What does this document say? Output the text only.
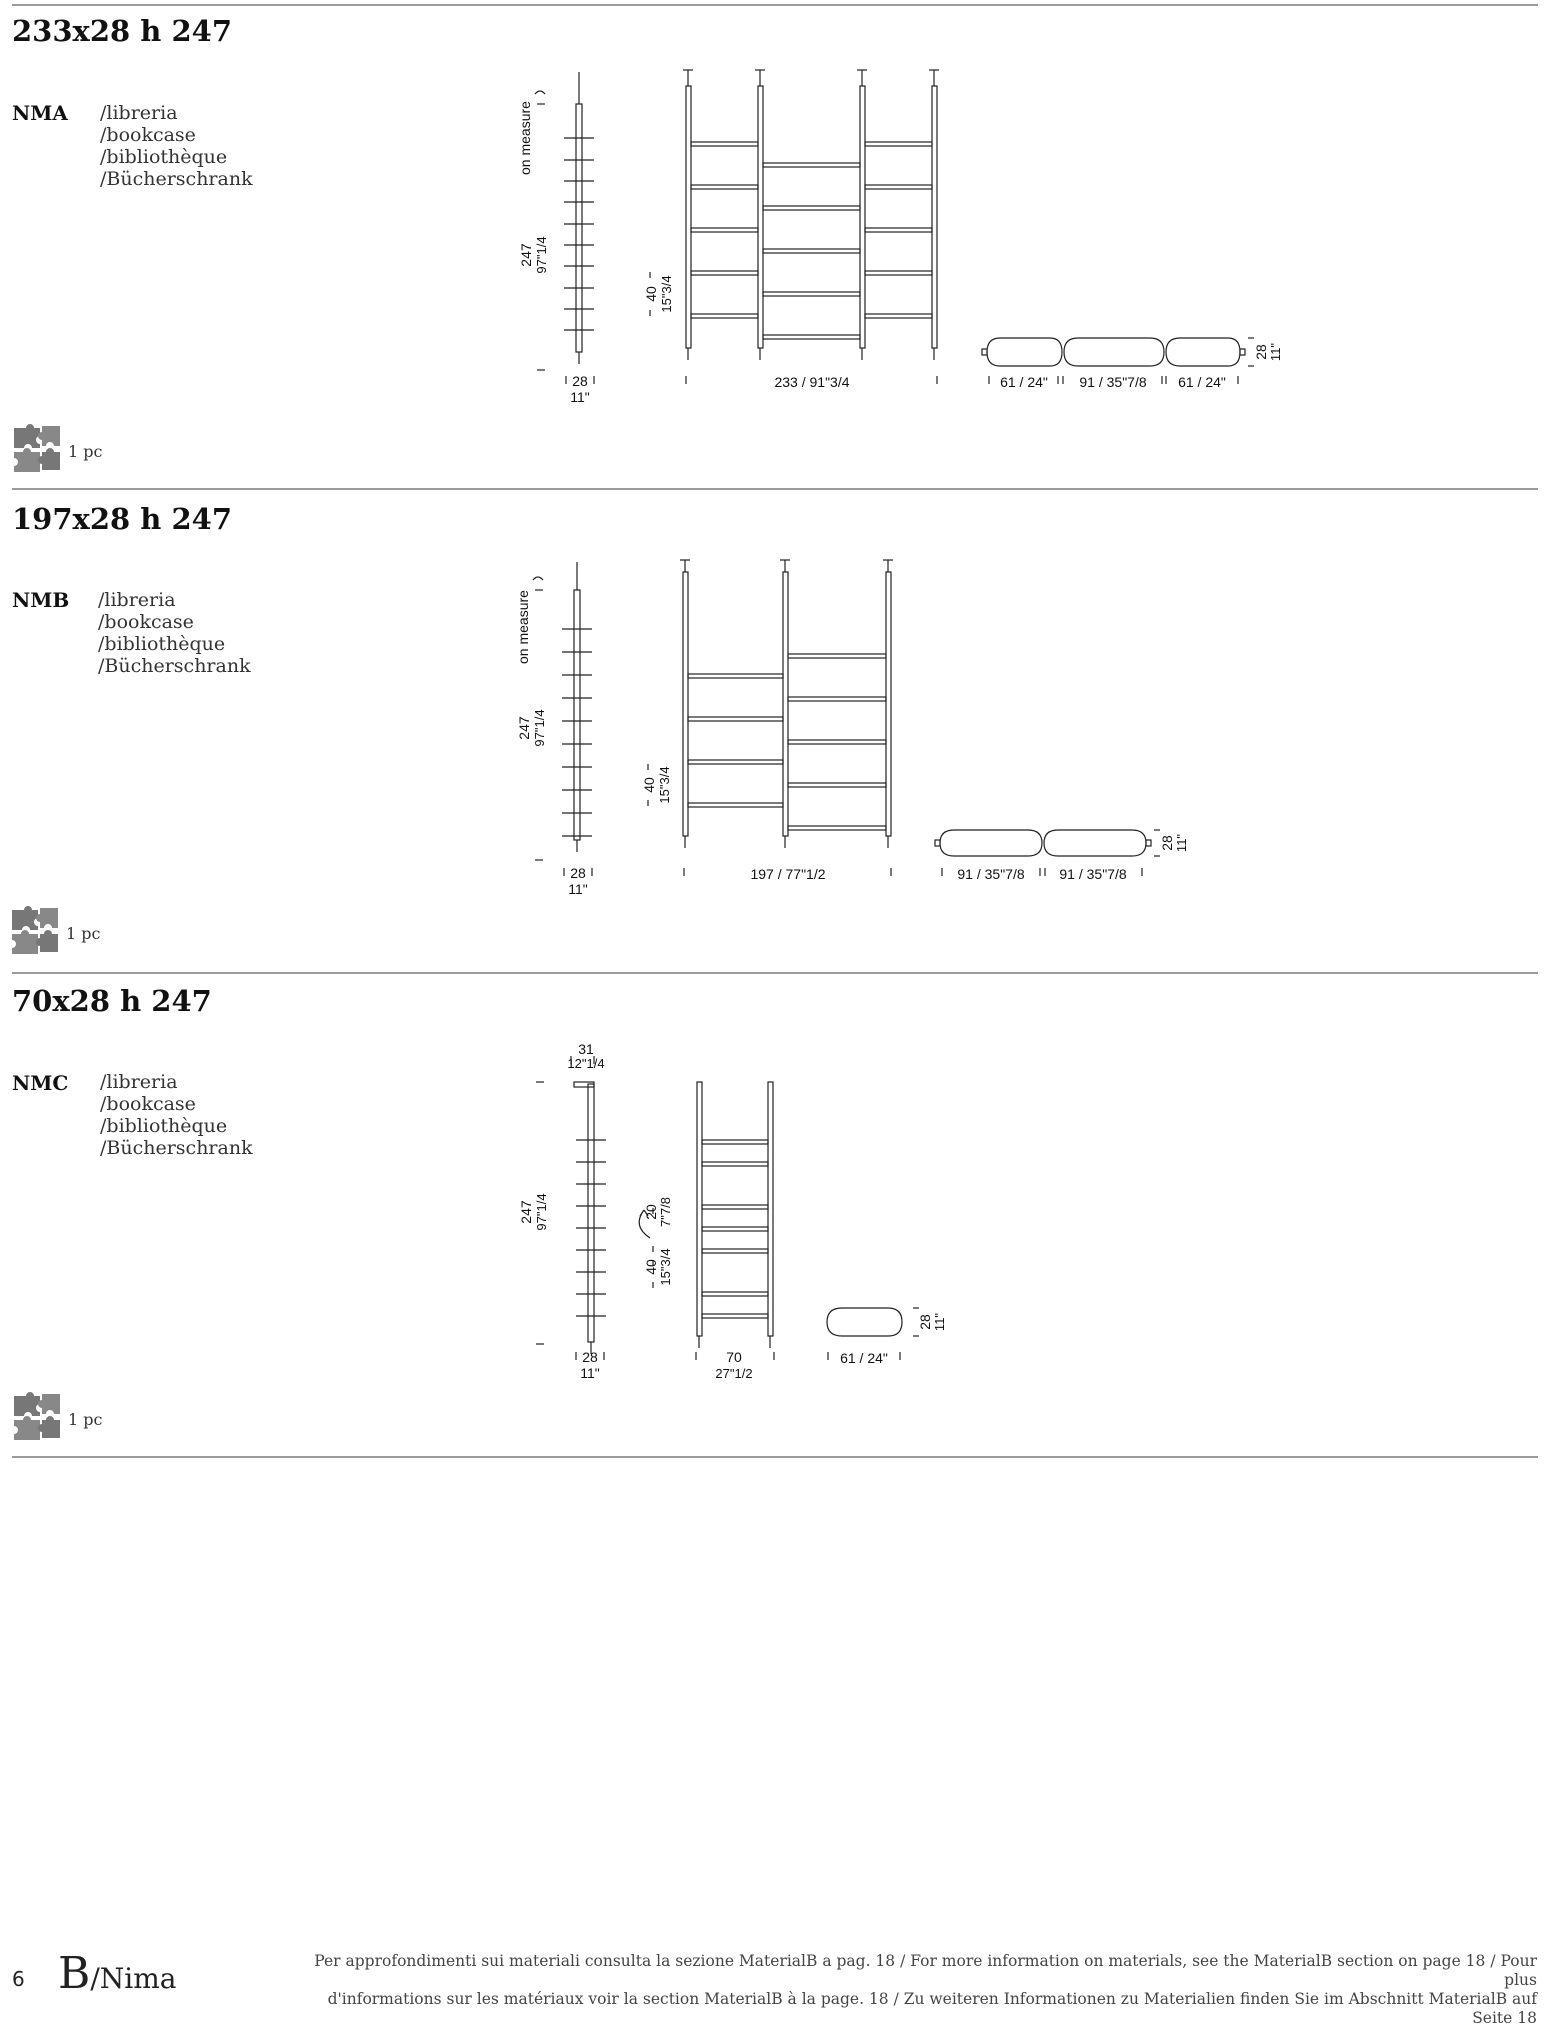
233x28 h 247
NMA /libreria
/bookcase
/bibliothèque
/Bücherschrank
on measure
247 97"1/4
40 15"3/4
28
11"
233 / 91"3/4	61 / 24" 91 / 35"7/8 61 / 24"
28 11"
1 pc
197x28 h 247
NMB /libreria
/bookcase
/bibliothèque
/Bücherschrank
on measure
247 97"1/4
40 15"3/4
28
11"
197 / 77"1/2	91 / 35"7/8 91 / 35"7/8
28 11"
1 pc
70x28 h 247
NMC /libreria
/bookcase
/bibliothèque
/Bücherschrank
31
12"1/4
247 97"1/4	20 7"7/8
40 15"3/4
28
11"
70
27"1/2
61 / 24"
28 11"
1 pc
6 B/Nima
Per approfondimenti sui materiali consulta la sezione MaterialB a pag. 18 / For more information on materials, see the MaterialB section on page 18 / Pour plus
d'informations sur les matériaux voir la section MaterialB à la page. 18 / Zu weiteren Informationen zu Materialien finden Sie im Abschnitt MaterialB auf Seite 18
